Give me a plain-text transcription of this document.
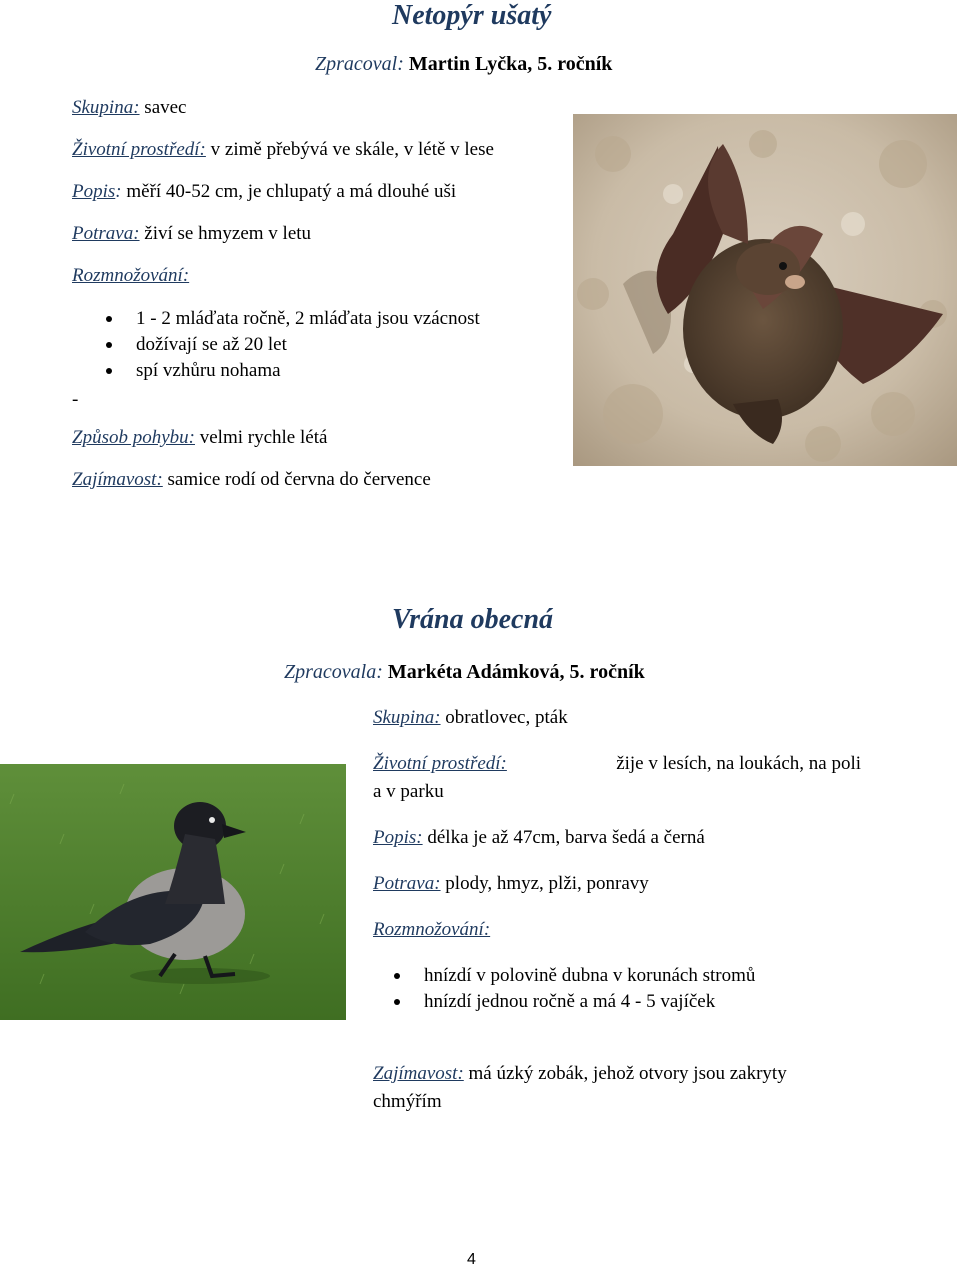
Netopýr ušatý
Zpracoval: Martin Lyčka, 5. ročník
Skupina: savec
Životní prostředí: v zimě přebývá ve skále, v létě v lese
Popis: měří 40-52 cm, je chlupatý a má dlouhé uši
Potrava: živí se hmyzem v letu
Rozmnožování:
1 - 2 mláďata ročně, 2 mláďata jsou vzácnost
dožívají se až 20 let
spí vzhůru nohama
-
Způsob pohybu: velmi rychle létá
Zajímavost: samice rodí od června do července
Vrána obecná
Zpracovala: Markéta Adámková, 5. ročník
Skupina: obratlovec, pták
Životní prostředí:	žije v lesích, na loukách, na poli
a v parku
Popis: délka je až 47cm, barva šedá a černá
Potrava: plody, hmyz, plži, ponravy
Rozmnožování:
hnízdí v polovině dubna v korunách stromů
hnízdí jednou ročně a má 4 - 5 vajíček
Zajímavost: má úzký zobák, jehož otvory jsou zakryty
chmýřím
4
